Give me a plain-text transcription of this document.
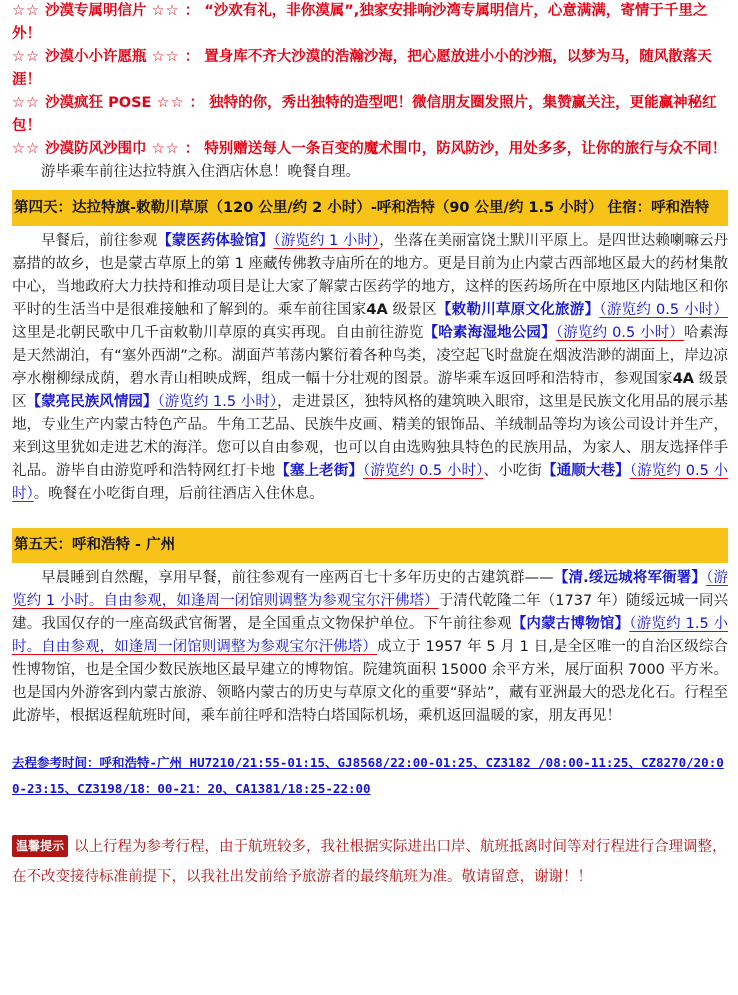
☆☆ 沙漠专属明信片 ☆☆ ： “沙欢有礼，非你漠属”,独家安排响沙湾专属明信片，心意满满，寄情于千里之外！

☆☆ 沙漠小小许愿瓶 ☆☆ ： 置身库不齐大沙漠的浩瀚沙海，把心愿放进小小的沙瓶，以梦为马，随风散落天涯！

☆☆ 沙漠疯狂 POSE ☆☆ ： 独特的你，秀出独特的造型吧！微信朋友圈发照片，集赞赢关注，更能赢神秘红包！

☆☆ 沙漠防风沙围巾 ☆☆ ： 特别赠送每人一条百变的魔术围巾，防风防沙，用处多多，让你的旅行与众不同！

游毕乘车前往达拉特旗入住酒店休息！晚餐自理。

第四天：达拉特旗-敕勒川草原（120 公里/约 2 小时）-呼和浩特（90 公里/约 1.5 小时） 住宿：呼和浩特

早餐后，前往参观【蒙医药体验馆】（游览约 1 小时），坐落在美丽富饶土默川平原上。是四世达赖喇嘛云丹嘉措的故乡，也是蒙古草原上的第 1 座藏传佛教寺庙所在的地方。更是目前为止内蒙古西部地区最大的药材集散中心，当地政府大力扶持和推动项目是让大家了解蒙古医药学的地方，这样的医药场所在中原地区内陆地区和你平时的生活当中是很难接触和了解到的。乘车前往国家4A 级景区【敕勒川草原文化旅游】（游览约 0.5 小时）这里是北朝民歌中几千亩敕勒川草原的真实再现。自由前往游览【哈素海湿地公园】（游览约 0.5 小时）哈素海是天然湖泊，有“塞外西湖”之称。湖面芦苇荡内繁衍着各种鸟类，凌空起飞时盘旋在烟波浩渺的湖面上，岸边凉亭水榭柳绿成荫，碧水青山相映成辉，组成一幅十分壮观的图景。游毕乘车返回呼和浩特市，参观国家4A 级景区【蒙亮民族风情园】（游览约 1.5 小时），走进景区，独特风格的建筑映入眼帘，这里是民族文化用品的展示基地，专业生产内蒙古特色产品。牛角工艺品、民族牛皮画、精美的银饰品、羊绒制品等均为该公司设计并生产，来到这里犹如走进艺术的海洋。您可以自由参观，也可以自由选购独具特色的民族用品，为家人、朋友选择伴手礼品。游毕自由游览呼和浩特网红打卡地【塞上老街】（游览约 0.5 小时）、小吃街【通顺大巷】（游览约 0.5 小时）。晚餐在小吃街自理，后前往酒店入住休息。

第五天：呼和浩特 - 广州

早晨睡到自然醒，享用早餐，前往参观有一座两百七十多年历史的古建筑群——【清.绥远城将军衙署】（游览约 1 小时。自由参观，如逢周一闭馆则调整为参观宝尔汗佛塔）于清代乾隆二年（1737 年）随绥远城一同兴建。我国仅存的一座高级武官衙署，是全国重点文物保护单位。下午前往参观【内蒙古博物馆】（游览约 1.5 小时。自由参观，如逢周一闭馆则调整为参观宝尔汗佛塔）成立于 1957 年 5 月 1 日,是全区唯一的自治区级综合性博物馆，也是全国少数民族地区最早建立的博物馆。院建筑面积 15000 余平方米，展厅面积 7000 平方米。也是国内外游客到内蒙古旅游、领略内蒙古的历史与草原文化的重要“驿站”，藏有亚洲最大的恐龙化石。行程至此游毕，根据返程航班时间，乘车前往呼和浩特白塔国际机场，乘机返回温暖的家，朋友再见！

去程参考时间：呼和浩特-广州 HU7210/21:55-01:15、GJ8568/22:00-01:25、CZ3182 /08:00-11:25、CZ8270/20:00-23:15、CZ3198/18：00-21：20、CA1381/18:25-22:00

温馨提示 以上行程为参考行程，由于航班较多，我社根据实际进出口岸、航班抵离时间等对行程进行合理调整，在不改变接待标准前提下，以我社出发前给予旅游者的最终航班为准。敬请留意，谢谢！！
